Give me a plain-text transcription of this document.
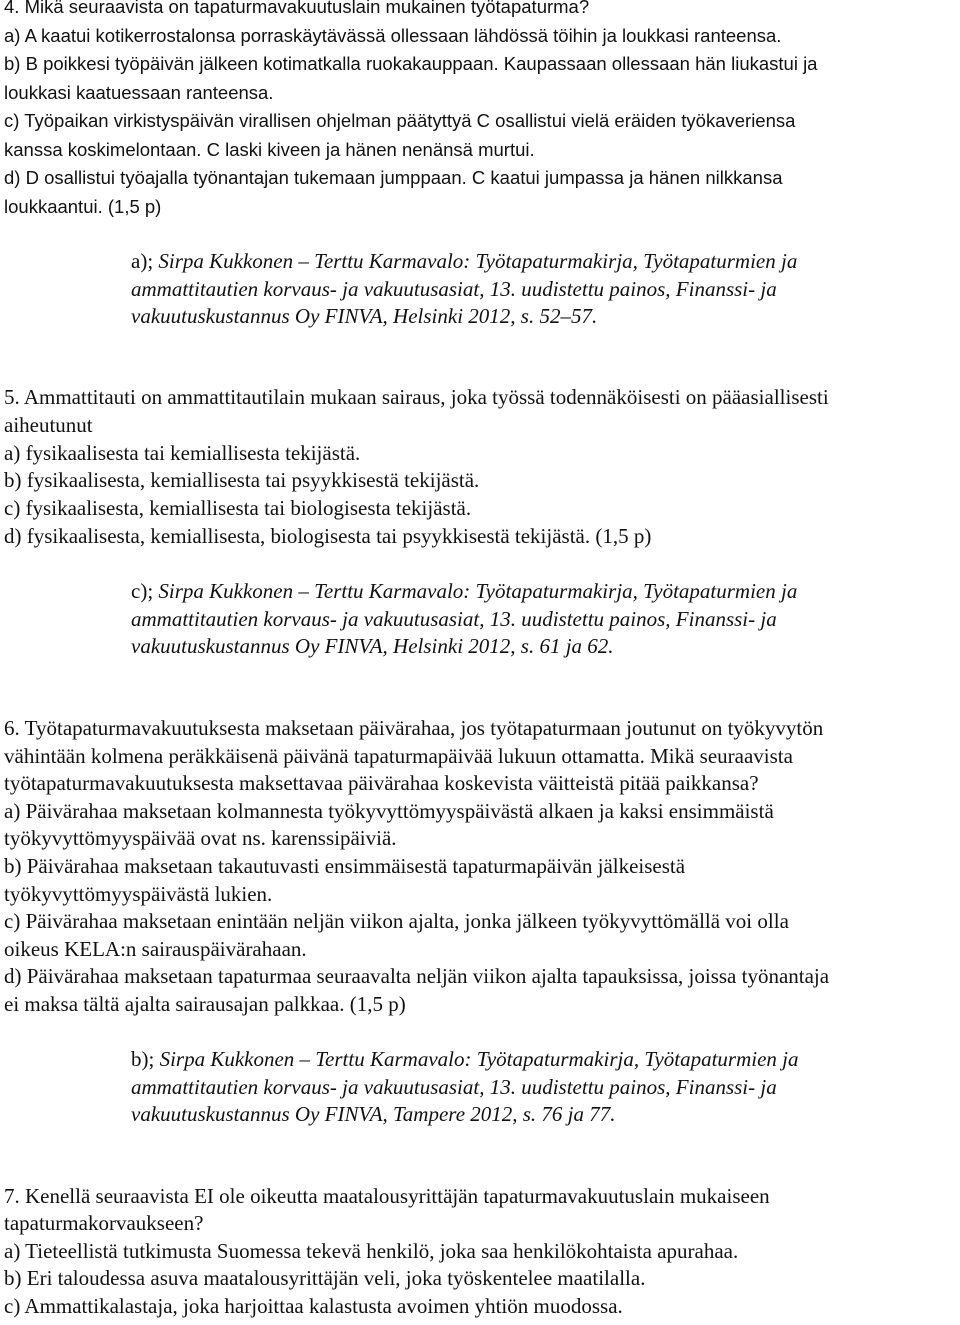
4. Mikä seuraavista on tapaturmavakuutuslain mukainen työtapaturma?
a) A kaatui kotikerrostalonsa porraskäytävässä ollessaan lähdössä töihin ja loukkasi ranteensa.
b) B poikkesi työpäivän jälkeen kotimatkalla ruokakauppaan. Kaupassaan ollessaan hän liukastui ja
loukkasi kaatuessaan ranteensa.
c) Työpaikan virkistyspäivän virallisen ohjelman päätyttyä C osallistui vielä eräiden työkaveriensa
kanssa koskimelontaan. C laski kiveen ja hänen nenänsä murtui.
d) D osallistui työajalla työnantajan tukemaan jumppaan. C kaatui jumpassa ja hänen nilkkansa
loukkaantui. (1,5 p)
a); Sirpa Kukkonen – Terttu Karmavalo: Työtapaturmakirja, Työtapaturmien ja
ammattitautien korvaus- ja vakuutusasiat, 13. uudistettu painos, Finanssi- ja
vakuutuskustannus Oy FINVA, Helsinki 2012, s. 52–57.
5. Ammattitauti on ammattitautilain mukaan sairaus, joka työssä todennäköisesti on pääasiallisesti
aiheutunut
a) fysikaalisesta tai kemiallisesta tekijästä.
b) fysikaalisesta, kemiallisesta tai psyykkisestä tekijästä.
c) fysikaalisesta, kemiallisesta tai biologisesta tekijästä.
d) fysikaalisesta, kemiallisesta, biologisesta tai psyykkisestä tekijästä. (1,5 p)
c); Sirpa Kukkonen – Terttu Karmavalo: Työtapaturmakirja, Työtapaturmien ja
ammattitautien korvaus- ja vakuutusasiat, 13. uudistettu painos, Finanssi- ja
vakuutuskustannus Oy FINVA, Helsinki 2012, s. 61 ja 62.
6. Työtapaturmavakuutuksesta maksetaan päivärahaa, jos työtapaturmaan joutunut on työkyvytön
vähintään kolmena peräkkäisenä päivänä tapaturmapäivää lukuun ottamatta. Mikä seuraavista
työtapaturmavakuutuksesta maksettavaa päivärahaa koskevista väitteistä pitää paikkansa?
a) Päivärahaa maksetaan kolmannesta työkyvyttömyyspäivästä alkaen ja kaksi ensimmäistä
työkyvyttömyyspäivää ovat ns. karenssipäiviä.
b) Päivärahaa maksetaan takautuvasti ensimmäisestä tapaturmapäivän jälkeisestä
työkyvyttömyyspäivästä lukien.
c) Päivärahaa maksetaan enintään neljän viikon ajalta, jonka jälkeen työkyvyttömällä voi olla
oikeus KELA:n sairauspäivärahaan.
d) Päivärahaa maksetaan tapaturmaa seuraavalta neljän viikon ajalta tapauksissa, joissa työnantaja
ei maksa tältä ajalta sairausajan palkkaa. (1,5 p)
b); Sirpa Kukkonen – Terttu Karmavalo: Työtapaturmakirja, Työtapaturmien ja
ammattitautien korvaus- ja vakuutusasiat, 13. uudistettu painos, Finanssi- ja
vakuutuskustannus Oy FINVA, Tampere 2012, s. 76 ja 77.
7. Kenellä seuraavista EI ole oikeutta maatalousyrittäjän tapaturmavakuutuslain mukaiseen
tapaturmakorvaukseen?
a) Tieteellistä tutkimusta Suomessa tekevä henkilö, joka saa henkilökohtaista apurahaa.
b) Eri taloudessa asuva maatalousyrittäjän veli, joka työskentelee maatilalla.
c) Ammattikalastaja, joka harjoittaa kalastusta avoimen yhtiön muodossa.
